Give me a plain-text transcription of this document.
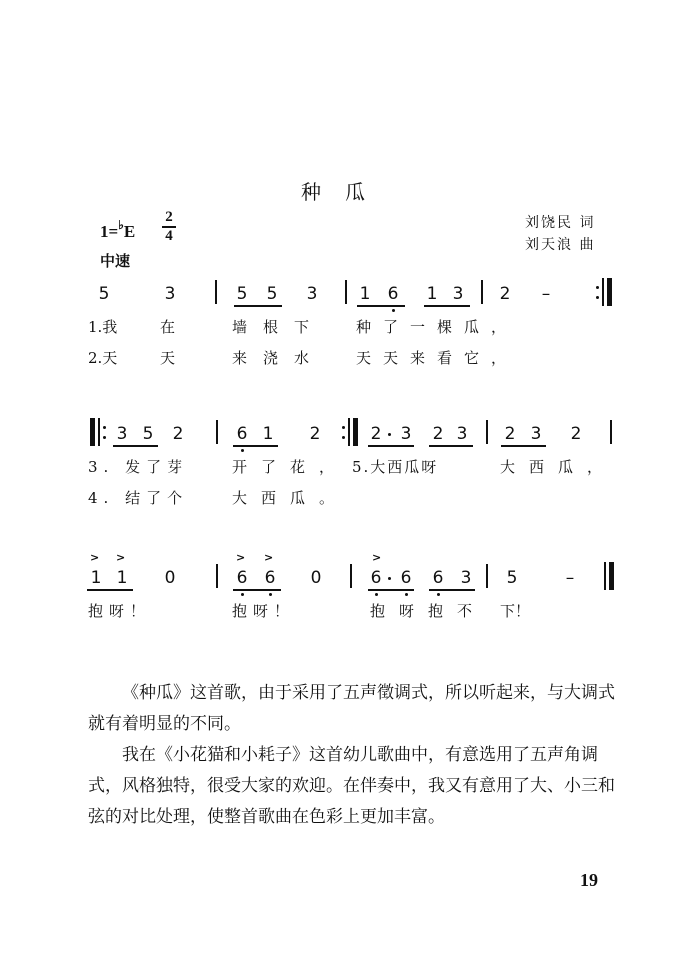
种瓜
1=♭E
2
4
中速
刘饶民 词
刘天浪 曲
5	3	5 5 3 1 6 1 3 2	–
1.我	在	墙根下 种了一棵瓜，
2.天	天	来浇水 天天来看它，
3 5 2	6 1 2	2 3 2 3 2 3 2
3. 发了芽	开了花， 5.大西瓜呀	大西瓜，
4. 结了个	大西瓜。
> >
1 1 0
> >
6 6 0
>
6 6 6 3 5	–
抱呀！	抱呀！	抱呀抱不 下！
《种瓜》这首歌，由于采用了五声徵调式，所以听起来，与大调式就有着明显的不同。
我在《小花猫和小耗子》这首幼儿歌曲中，有意选用了五声角调式，风格独特，很受大家的欢迎。在伴奏中，我又有意用了大、小三和弦的对比处理，使整首歌曲在色彩上更加丰富。
19
